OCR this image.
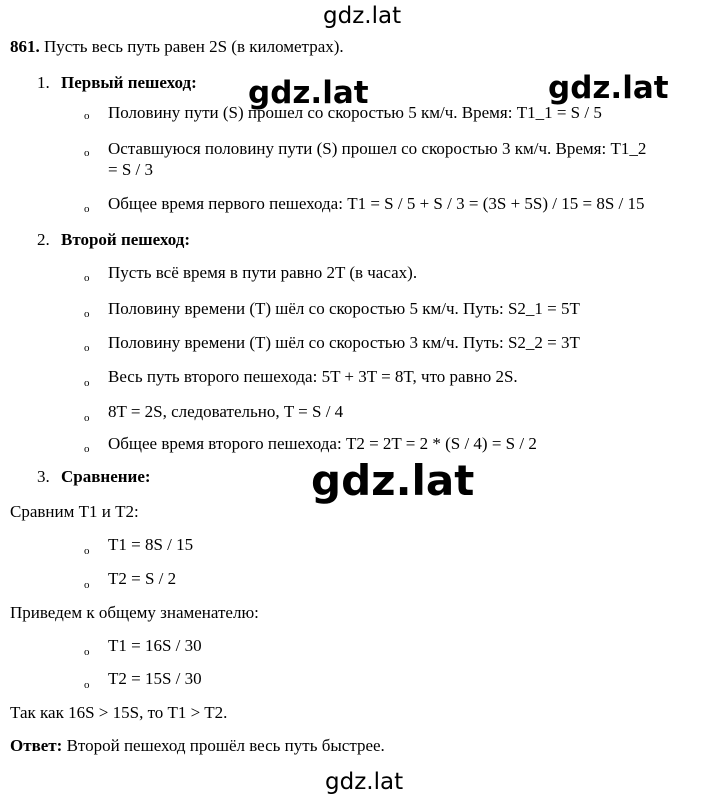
861. Пусть весь путь равен 2S (в километрах).
1. Первый пешеход:
o Половину пути (S) прошел со скоростью 5 км/ч. Время: T1_1 = S / 5
o Оставшуюся половину пути (S) прошел со скоростью 3 км/ч. Время: T1_2
= S / 3
o Общее время первого пешехода: T1 = S / 5 + S / 3 = (3S + 5S) / 15 = 8S / 15
2. Второй пешеход:
o Пусть всё время в пути равно 2T (в часах).
o Половину времени (T) шёл со скоростью 5 км/ч. Путь: S2_1 = 5T
o Половину времени (T) шёл со скоростью 3 км/ч. Путь: S2_2 = 3T
o Весь путь второго пешехода: 5T + 3T = 8T, что равно 2S.
o 8T = 2S, следовательно, T = S / 4
o Общее время второго пешехода: T2 = 2T = 2 * (S / 4) = S / 2
3. Сравнение:
Сравним T1 и T2:
o T1 = 8S / 15
o T2 = S / 2
Приведем к общему знаменателю:
o T1 = 16S / 30
o T2 = 15S / 30
Так как 16S > 15S, то T1 > T2.
Ответ: Второй пешеход прошёл весь путь быстрее.
gdz.lat
gdz.lat	gdz.lat
gdz.lat
gdz.lat
